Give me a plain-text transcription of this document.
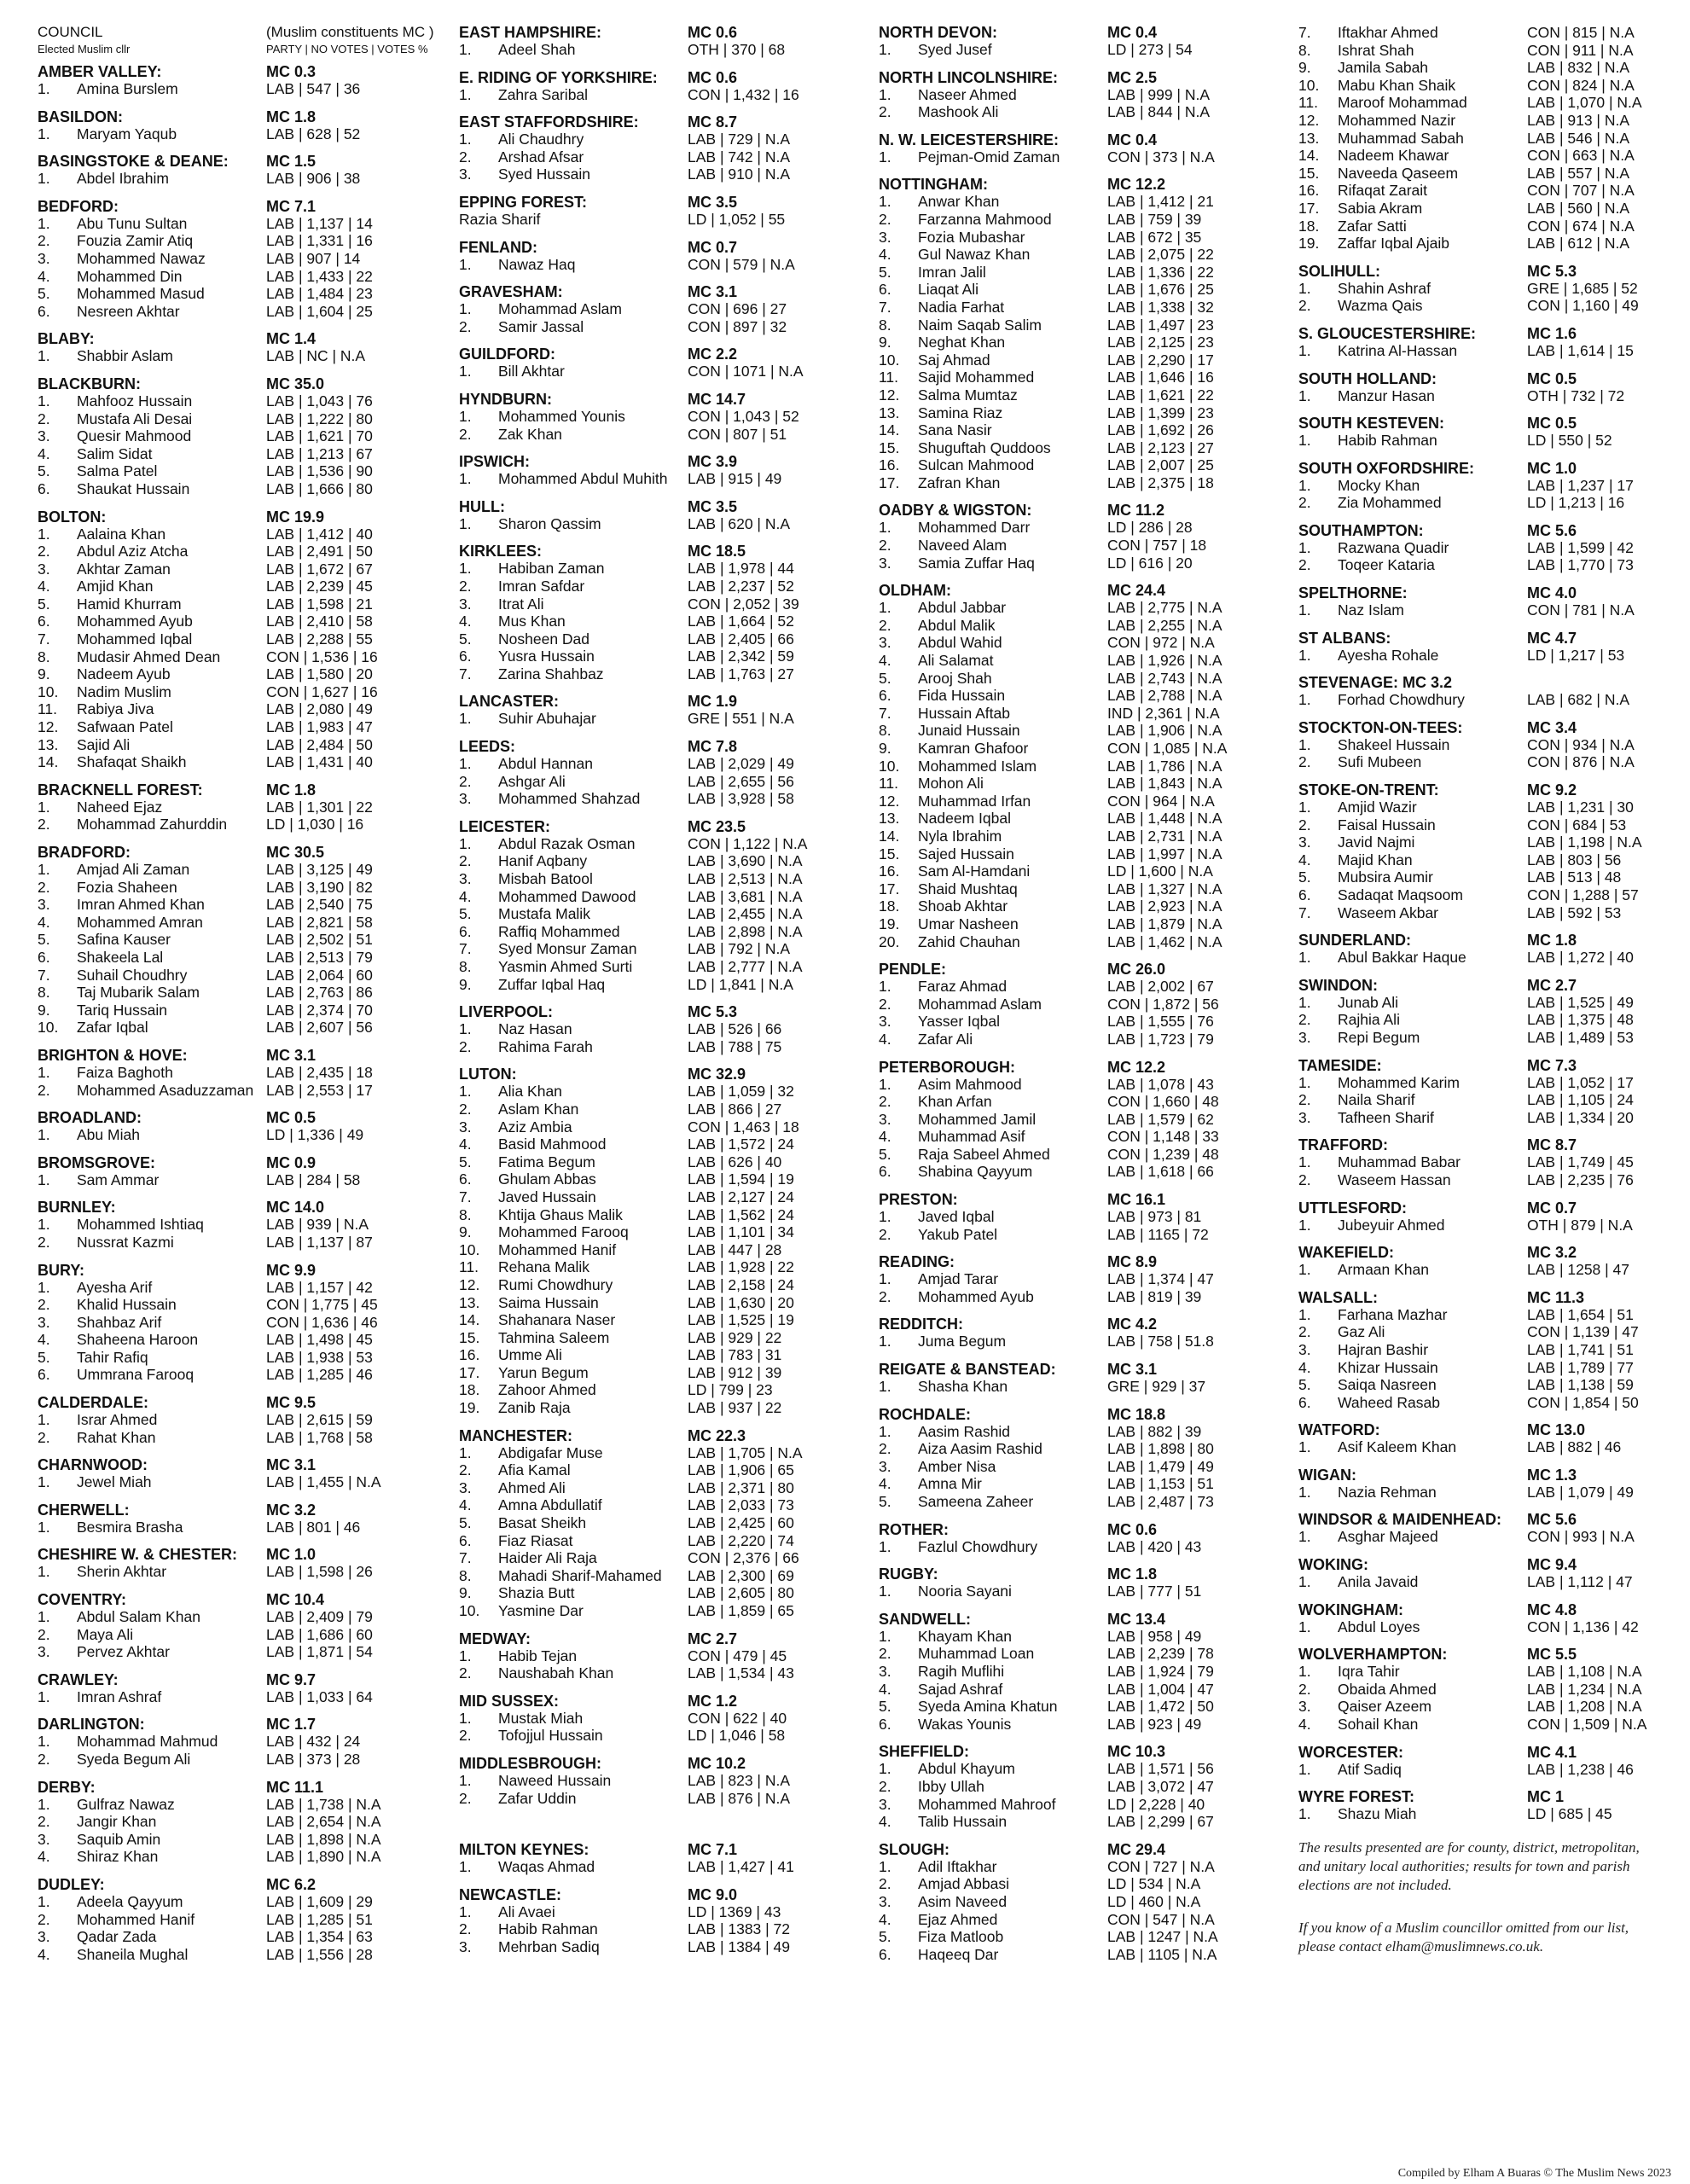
COUNCIL	(Muslim constituents MC )
Elected Muslim cllr	PARTY | NO VOTES | VOTES %
AMBER VALLEY:	MC 0.3
1.	Amina Burslem	LAB | 547 | 36
BASILDON:	MC 1.8
1.	Maryam Yaqub	LAB | 628 | 52
BASINGSTOKE & DEANE:	MC 1.5
1.	Abdel Ibrahim	LAB | 906 | 38
BEDFORD:	MC 7.1
1.	Abu Tunu Sultan	LAB | 1,137 | 14
2.	Fouzia Zamir Atiq	LAB | 1,331 | 16
3.	Mohammed Nawaz	LAB | 907 | 14
4.	Mohammed Din	LAB | 1,433 | 22
5.	Mohammed Masud	LAB | 1,484 | 23
6.	Nesreen Akhtar	LAB | 1,604 | 25
BLABY:	MC 1.4
1.	Shabbir Aslam	LAB | NC | N.A
BLACKBURN:	MC 35.0
1.	Mahfooz Hussain	LAB | 1,043 | 76
2.	Mustafa Ali Desai	LAB | 1,222 | 80
3.	Quesir Mahmood	LAB | 1,621 | 70
4.	Salim Sidat	LAB | 1,213 | 67
5.	Salma Patel	LAB | 1,536 | 90
6.	Shaukat Hussain	LAB | 1,666 | 80
BOLTON:	MC 19.9
1.	Aalaina Khan	LAB | 1,412 | 40
2.	Abdul Aziz Atcha	LAB | 2,491 | 50
3.	Akhtar Zaman	LAB | 1,672 | 67
4.	Amjid Khan	LAB | 2,239 | 45
5.	Hamid Khurram	LAB | 1,598 | 21
6.	Mohammed Ayub	LAB | 2,410 | 58
7.	Mohammed Iqbal	LAB | 2,288 | 55
8.	Mudasir Ahmed Dean	CON | 1,536 | 16
9.	Nadeem Ayub	LAB | 1,580 | 20
10.	Nadim Muslim	CON | 1,627 | 16
11.	Rabiya Jiva	LAB | 2,080 | 49
12.	Safwaan Patel	LAB | 1,983 | 47
13.	Sajid Ali	LAB | 2,484 | 50
14.	Shafaqat Shaikh	LAB | 1,431 | 40
BRACKNELL FOREST:	MC 1.8
1.	Naheed Ejaz	LAB | 1,301 | 22
2.	Mohammad Zahurddin	LD | 1,030 | 16
BRADFORD:	MC 30.5
1.	Amjad Ali Zaman	LAB | 3,125 | 49
2.	Fozia Shaheen	LAB | 3,190 | 82
3.	Imran Ahmed Khan	LAB | 2,540 | 75
4.	Mohammed Amran	LAB | 2,821 | 58
5.	Safina Kauser	LAB | 2,502 | 51
6.	Shakeela Lal	LAB | 2,513 | 79
7.	Suhail Choudhry	LAB | 2,064 | 60
8.	Taj Mubarik Salam	LAB | 2,763 | 86
9.	Tariq Hussain	LAB | 2,374 | 70
10.	Zafar Iqbal	LAB | 2,607 | 56
BRIGHTON & HOVE:	MC 3.1
1.	Faiza Baghoth	LAB | 2,435 | 18
2.	Mohammed Asaduzzaman LAB | 2,553 | 17
BROADLAND:	MC 0.5
1.	Abu Miah	LD | 1,336 | 49
BROMSGROVE:	MC 0.9
1.	Sam Ammar	LAB | 284 | 58
BURNLEY:	MC 14.0
1.	Mohammed Ishtiaq	LAB | 939 | N.A
2.	Nussrat Kazmi	LAB | 1,137 | 87
BURY:	MC 9.9
1.	Ayesha Arif	LAB | 1,157 | 42
2.	Khalid Hussain	CON | 1,775 | 45
3.	Shahbaz Arif	CON | 1,636 | 46
4.	Shaheena Haroon	LAB | 1,498 | 45
5.	Tahir Rafiq	LAB | 1,938 | 53
6.	Ummrana Farooq	LAB | 1,285 | 46
CALDERDALE:	MC 9.5
1.	Israr Ahmed	LAB | 2,615 | 59
2.	Rahat Khan	LAB | 1,768 | 58
CHARNWOOD:	MC 3.1
1.	Jewel Miah	LAB | 1,455 | N.A
CHERWELL:	MC 3.2
1.	Besmira Brasha	LAB | 801 | 46
CHESHIRE W. & CHESTER:	MC 1.0
1.	Sherin Akhtar	LAB | 1,598 | 26
COVENTRY:	MC 10.4
1.	Abdul Salam Khan	LAB | 2,409 | 79
2.	Maya Ali	LAB | 1,686 | 60
3.	Pervez Akhtar	LAB | 1,871 | 54
CRAWLEY:	MC 9.7
1.	Imran Ashraf	LAB | 1,033 | 64
DARLINGTON:	MC 1.7
1.	Mohammad Mahmud	LAB | 432 | 24
2.	Syeda Begum Ali	LAB | 373 | 28
DERBY:	MC 11.1
1.	Gulfraz Nawaz	LAB | 1,738 | N.A
2.	Jangir Khan	LAB | 2,654 | N.A
3.	Saquib Amin	LAB | 1,898 | N.A
4.	Shiraz Khan	LAB | 1,890 | N.A
DUDLEY:	MC 6.2
1.	Adeela Qayyum	LAB | 1,609 | 29
2.	Mohammed Hanif	LAB | 1,285 | 51
3.	Qadar Zada	LAB | 1,354 | 63
4.	Shaneila Mughal	LAB | 1,556 | 28
EAST HAMPSHIRE:	MC 0.6
1.	Adeel Shah	OTH | 370 | 68
E. RIDING OF YORKSHIRE:	MC 0.6
1.	Zahra Saribal	CON | 1,432 | 16
EAST STAFFORDSHIRE:	MC 8.7
1.	Ali Chaudhry	LAB | 729 | N.A
2.	Arshad Afsar	LAB | 742 | N.A
3.	Syed Hussain	LAB | 910 | N.A
EPPING FOREST:	MC 3.5
Razia Sharif	LD | 1,052 | 55
FENLAND:	MC 0.7
1.	Nawaz Haq	CON | 579 | N.A
GRAVESHAM:	MC 3.1
1.	Mohammad Aslam	CON | 696 | 27
2.	Samir Jassal	CON | 897 | 32
GUILDFORD:	MC 2.2
1.	Bill Akhtar	CON | 1071 | N.A
HYNDBURN:	MC 14.7
1.	Mohammed Younis	CON | 1,043 | 52
2.	Zak Khan	CON | 807 | 51
IPSWICH:	MC 3.9
1.	Mohammed Abdul Muhith	LAB | 915 | 49
HULL:	MC 3.5
1.	Sharon Qassim	LAB | 620 | N.A
KIRKLEES:	MC 18.5
1.	Habiban Zaman	LAB | 1,978 | 44
2.	Imran Safdar	LAB | 2,237 | 52
3.	Itrat Ali	CON | 2,052 | 39
4.	Mus Khan	LAB | 1,664 | 52
5.	Nosheen Dad	LAB | 2,405 | 66
6.	Yusra Hussain	LAB | 2,342 | 59
7.	Zarina Shahbaz	LAB | 1,763 | 27
LANCASTER:	MC 1.9
1.	Suhir Abuhajar	GRE | 551 | N.A
LEEDS:	MC 7.8
1.	Abdul Hannan	LAB | 2,029 | 49
2.	Ashgar Ali	LAB | 2,655 | 56
3.	Mohammed Shahzad	LAB | 3,928 | 58
LEICESTER:	MC 23.5
1.	Abdul Razak Osman	CON | 1,122 | N.A
2.	Hanif Aqbany	LAB | 3,690 | N.A
3.	Misbah Batool	LAB | 2,513 | N.A
4.	Mohammed Dawood	LAB | 3,681 | N.A
5.	Mustafa Malik	LAB | 2,455 | N.A
6.	Raffiq Mohammed	LAB | 2,898 | N.A
7.	Syed Monsur Zaman	LAB | 792 | N.A
8.	Yasmin Ahmed Surti	LAB | 2,777 | N.A
9.	Zuffar Iqbal Haq	LD | 1,841 | N.A
LIVERPOOL:	MC 5.3
1.	Naz Hasan	LAB | 526 | 66
2.	Rahima Farah	LAB | 788 | 75
LUTON:	MC 32.9
1.	Alia Khan	LAB | 1,059 | 32
2.	Aslam Khan	LAB | 866 | 27
3.	Aziz Ambia	CON | 1,463 | 18
4.	Basid Mahmood	LAB | 1,572 | 24
5.	Fatima Begum	LAB | 626 | 40
6.	Ghulam Abbas	LAB | 1,594 | 19
7.	Javed Hussain	LAB | 2,127 | 24
8.	Khtija Ghaus Malik	LAB | 1,562 | 24
9.	Mohammed Farooq	LAB | 1,101 | 34
10.	Mohammed Hanif	LAB | 447 | 28
11.	Rehana Malik	LAB | 1,928 | 22
12.	Rumi Chowdhury	LAB | 2,158 | 24
13.	Saima Hussain	LAB | 1,630 | 20
14.	Shahanara Naser	LAB | 1,525 | 19
15.	Tahmina Saleem	LAB | 929 | 22
16.	Umme Ali	LAB | 783 | 31
17.	Yarun Begum	LAB | 912 | 39
18.	Zahoor Ahmed	LD | 799 | 23
19.	Zanib Raja	LAB | 937 | 22
MANCHESTER:	MC 22.3
1.	Abdigafar Muse	LAB | 1,705 | N.A
2.	Afia Kamal	LAB | 1,906 | 65
3.	Ahmed Ali	LAB | 2,371 | 80
4.	Amna Abdullatif	LAB | 2,033 | 73
5.	Basat Sheikh	LAB | 2,425 | 60
6.	Fiaz Riasat	LAB | 2,220 | 74
7.	Haider Ali Raja	CON | 2,376 | 66
8.	Mahadi Sharif-Mahamed	LAB | 2,300 | 69
9.	Shazia Butt	LAB | 2,605 | 80
10.	Yasmine Dar	LAB | 1,859 | 65
MEDWAY:	MC 2.7
1.	Habib Tejan	CON | 479 | 45
2.	Naushabah Khan	LAB | 1,534 | 43
MID SUSSEX:	MC 1.2
1.	Mustak Miah	CON | 622 | 40
2.	Tofojjul Hussain	LD | 1,046 | 58
MIDDLESBROUGH:	MC 10.2
1.	Naweed Hussain	LAB | 823 | N.A
2.	Zafar Uddin	LAB | 876 | N.A
MILTON KEYNES:	MC 7.1
1.	Waqas Ahmad	LAB | 1,427 | 41
NEWCASTLE:	MC 9.0
1.	Ali Avaei	LD | 1369 | 43
2.	Habib Rahman	LAB | 1383 | 72
3.	Mehrban Sadiq	LAB | 1384 | 49
NORTH DEVON:	MC 0.4
1.	Syed Jusef	LD | 273 | 54
NORTH LINCOLNSHIRE:	MC 2.5
1.	Naseer Ahmed	LAB | 999 | N.A
2.	Mashook Ali	LAB | 844 | N.A
N. W. LEICESTERSHIRE:	MC 0.4
1.	Pejman-Omid Zaman	CON | 373 | N.A
NOTTINGHAM:	MC 12.2
1.	Anwar Khan	LAB | 1,412 | 21
2.	Farzanna Mahmood	LAB | 759 | 39
3.	Fozia Mubashar	LAB | 672 | 35
4.	Gul Nawaz Khan	LAB | 2,075 | 22
5.	Imran Jalil	LAB | 1,336 | 22
6.	Liaqat Ali	LAB | 1,676 | 25
7.	Nadia Farhat	LAB | 1,338 | 32
8.	Naim Saqab Salim	LAB | 1,497 | 23
9.	Neghat Khan	LAB | 2,125 | 23
10.	Saj Ahmad	LAB | 2,290 | 17
11.	Sajid Mohammed	LAB | 1,646 | 16
12.	Salma Mumtaz	LAB | 1,621 | 22
13.	Samina Riaz	LAB | 1,399 | 23
14.	Sana Nasir	LAB | 1,692 | 26
15.	Shuguftah Quddoos	LAB | 2,123 | 27
16.	Sulcan Mahmood	LAB | 2,007 | 25
17.	Zafran Khan	LAB | 2,375 | 18
OADBY & WIGSTON:	MC 11.2
1.	Mohammed Darr	LD | 286 | 28
2.	Naveed Alam	CON | 757 | 18
3.	Samia Zuffar Haq	LD | 616 | 20
OLDHAM:	MC 24.4
1.	Abdul Jabbar	LAB | 2,775 | N.A
2.	Abdul Malik	LAB | 2,255 | N.A
3.	Abdul Wahid	CON | 972 | N.A
4.	Ali Salamat	LAB | 1,926 | N.A
5.	Arooj Shah	LAB | 2,743 | N.A
6.	Fida Hussain	LAB | 2,788 | N.A
7.	Hussain Aftab	IND | 2,361 | N.A
8.	Junaid Hussain	LAB | 1,906 | N.A
9.	Kamran Ghafoor	CON | 1,085 | N.A
10.	Mohammed Islam	LAB | 1,786 | N.A
11.	Mohon Ali	LAB | 1,843 | N.A
12.	Muhammad Irfan	CON | 964 | N.A
13.	Nadeem Iqbal	LAB | 1,448 | N.A
14.	Nyla Ibrahim	LAB | 2,731 | N.A
15.	Sajed Hussain	LAB | 1,997 | N.A
16.	Sam Al-Hamdani	LD | 1,600 | N.A
17.	Shaid Mushtaq	LAB | 1,327 | N.A
18.	Shoab Akhtar	LAB | 2,923 | N.A
19.	Umar Nasheen	LAB | 1,879 | N.A
20.	Zahid Chauhan	LAB | 1,462 | N.A
PENDLE:	MC 26.0
1.	Faraz Ahmad	LAB | 2,002 | 67
2.	Mohammad Aslam	CON | 1,872 | 56
3.	Yasser Iqbal	LAB | 1,555 | 76
4.	Zafar Ali	LAB | 1,723 | 79
PETERBOROUGH:	MC 12.2
1.	Asim Mahmood	LAB | 1,078 | 43
2.	Khan Arfan	CON | 1,660 | 48
3.	Mohammed Jamil	LAB | 1,579 | 62
4.	Muhammad Asif	CON | 1,148 | 33
5.	Raja Sabeel Ahmed	CON | 1,239 | 48
6.	Shabina Qayyum	LAB | 1,618 | 66
PRESTON:	MC 16.1
1.	Javed Iqbal	LAB | 973 | 81
2.	Yakub Patel	LAB | 1165 | 72
READING:	MC 8.9
1.	Amjad Tarar	LAB | 1,374 | 47
2.	Mohammed Ayub	LAB | 819 | 39
REDDITCH:	MC 4.2
1.	Juma Begum	LAB | 758 | 51.8
REIGATE & BANSTEAD:	MC 3.1
1.	Shasha Khan	GRE | 929 | 37
ROCHDALE:	MC 18.8
1.	Aasim Rashid	LAB | 882 | 39
2.	Aiza Aasim Rashid	LAB | 1,898 | 80
3.	Amber Nisa	LAB | 1,479 | 49
4.	Amna Mir	LAB | 1,153 | 51
5.	Sameena Zaheer	LAB | 2,487 | 73
ROTHER:	MC 0.6
1.	Fazlul Chowdhury	LAB | 420 | 43
RUGBY:	MC 1.8
1.	Nooria Sayani	LAB | 777 | 51
SANDWELL:	MC 13.4
1.	Khayam Khan	LAB | 958 | 49
2.	Muhammad Loan	LAB | 2,239 | 78
3.	Ragih Muflihi	LAB | 1,924 | 79
4.	Sajad Ashraf	LAB | 1,004 | 47
5.	Syeda Amina Khatun	LAB | 1,472 | 50
6.	Wakas Younis	LAB | 923 | 49
SHEFFIELD:	MC 10.3
1.	Abdul Khayum	LAB | 1,571 | 56
2.	Ibby Ullah	LAB | 3,072 | 47
3.	Mohammed Mahroof	LD | 2,228 | 40
4.	Talib Hussain	LAB | 2,299 | 67
SLOUGH:	MC 29.4
1.	Adil Iftakhar	CON | 727 | N.A
2.	Amjad Abbasi	LD | 534 | N.A
3.	Asim Naveed	LD | 460 | N.A
4.	Ejaz Ahmed	CON | 547 | N.A
5.	Fiza Matloob	LAB | 1247 | N.A
6.	Haqeeq Dar	LAB | 1105 | N.A
7.	Iftakhar Ahmed	CON | 815 | N.A
8.	Ishrat Shah	CON | 911 | N.A
9.	Jamila Sabah	LAB | 832 | N.A
10.	Mabu Khan Shaik	CON | 824 | N.A
11.	Maroof Mohammad	LAB | 1,070 | N.A
12.	Mohammed Nazir	LAB | 913 | N.A
13.	Muhammad Sabah	LAB | 546 | N.A
14.	Nadeem Khawar	CON | 663 | N.A
15.	Naveeda Qaseem	LAB | 557 | N.A
16.	Rifaqat Zarait	CON | 707 | N.A
17.	Sabia Akram	LAB | 560 | N.A
18.	Zafar Satti	CON | 674 | N.A
19.	Zaffar Iqbal Ajaib	LAB | 612 | N.A
SOLIHULL:	MC 5.3
1.	Shahin Ashraf	GRE | 1,685 | 52
2.	Wazma Qais	CON | 1,160 | 49
S. GLOUCESTERSHIRE:	MC 1.6
1.	Katrina Al-Hassan	LAB | 1,614 | 15
SOUTH HOLLAND:	MC 0.5
1.	Manzur Hasan	OTH | 732 | 72
SOUTH KESTEVEN:	MC 0.5
1.	Habib Rahman	LD | 550 | 52
SOUTH OXFORDSHIRE:	MC 1.0
1.	Mocky Khan	LAB | 1,237 | 17
2.	Zia Mohammed	LD | 1,213 | 16
SOUTHAMPTON:	MC 5.6
1.	Razwana Quadir	LAB | 1,599 | 42
2.	Toqeer Kataria	LAB | 1,770 | 73
SPELTHORNE:	MC 4.0
1.	Naz Islam	CON | 781 | N.A
ST ALBANS:	MC 4.7
1.	Ayesha Rohale	LD | 1,217 | 53
STEVENAGE: MC 3.2
1.	Forhad Chowdhury	LAB | 682 | N.A
STOCKTON-ON-TEES:	MC 3.4
1.	Shakeel Hussain	CON | 934 | N.A
2.	Sufi Mubeen	CON | 876 | N.A
STOKE-ON-TRENT:	MC 9.2
1.	Amjid Wazir	LAB | 1,231 | 30
2.	Faisal Hussain	CON | 684 | 53
3.	Javid Najmi	LAB | 1,198 | N.A
4.	Majid Khan	LAB | 803 | 56
5.	Mubsira Aumir	LAB | 513 | 48
6.	Sadaqat Maqsoom	CON | 1,288 | 57
7.	Waseem Akbar	LAB | 592 | 53
SUNDERLAND:	MC 1.8
1.	Abul Bakkar Haque	LAB | 1,272 | 40
SWINDON:	MC 2.7
1.	Junab Ali	LAB | 1,525 | 49
2.	Rajhia Ali	LAB | 1,375 | 48
3.	Repi Begum	LAB | 1,489 | 53
TAMESIDE:	MC 7.3
1.	Mohammed Karim	LAB | 1,052 | 17
2.	Naila Sharif	LAB | 1,105 | 24
3.	Tafheen Sharif	LAB | 1,334 | 20
TRAFFORD:	MC 8.7
1.	Muhammad Babar	LAB | 1,749 | 45
2.	Waseem Hassan	LAB | 2,235 | 76
UTTLESFORD:	MC 0.7
1.	Jubeyuir Ahmed	OTH | 879 | N.A
WAKEFIELD:	MC 3.2
1.	Armaan Khan	LAB | 1258 | 47
WALSALL:	MC 11.3
1.	Farhana Mazhar	LAB | 1,654 | 51
2.	Gaz Ali	CON | 1,139 | 47
3.	Hajran Bashir	LAB | 1,741 | 51
4.	Khizar Hussain	LAB | 1,789 | 77
5.	Saiqa Nasreen	LAB | 1,138 | 59
6.	Waheed Rasab	CON | 1,854 | 50
WATFORD:	MC 13.0
1.	Asif Kaleem Khan	LAB | 882 | 46
WIGAN:	MC 1.3
1.	Nazia Rehman	LAB | 1,079 | 49
WINDSOR & MAIDENHEAD:	MC 5.6
1.	Asghar Majeed	CON | 993 | N.A
WOKING:	MC 9.4
1.	Anila Javaid	LAB | 1,112 | 47
WOKINGHAM:	MC 4.8
1.	Abdul Loyes	CON | 1,136 | 42
WOLVERHAMPTON:	MC 5.5
1.	Iqra Tahir	LAB | 1,108 | N.A
2.	Obaida Ahmed	LAB | 1,234 | N.A
3.	Qaiser Azeem	LAB | 1,208 | N.A
4.	Sohail Khan	CON | 1,509 | N.A
WORCESTER:	MC 4.1
1.	Atif Sadiq	LAB | 1,238 | 46
WYRE FOREST:	MC 1
1.	Shazu Miah	LD | 685 | 45
The results presented are for county, district, metropolitan, and unitary local authorities; results for town and parish elections are not included.
If you know of a Muslim councillor omitted from our list, please contact elham@muslimnews.co.uk.
Compiled by Elham A Buaras © The Muslim News 2023
